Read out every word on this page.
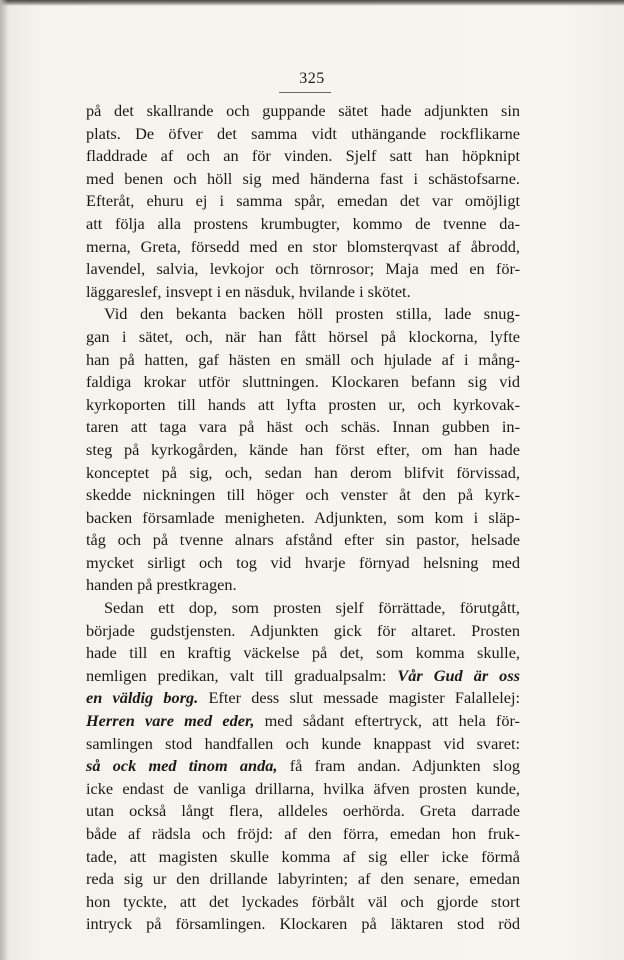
325
på det skallrande och guppande sätet hade adjunkten sin
plats. De öfver det samma vidt uthängande rockflikarne
fladdrade af och an för vinden. Sjelf satt han höpknipt
med benen och höll sig med händerna fast i schästofsarne.
Efteråt, ehuru ej i samma spår, emedan det var omöjligt
att följa alla prostens krumbugter, kommo de tvenne da-
merna, Greta, försedd med en stor blomsterqvast af åbrodd,
lavendel, salvia, levkojor och törnrosor; Maja med en för-
läggareslef, insvept i en näsduk, hvilande i skötet.
Vid den bekanta backen höll prosten stilla, lade snug-
gan i sätet, och, när han fått hörsel på klockorna, lyfte
han på hatten, gaf hästen en smäll och hjulade af i mång-
faldiga krokar utför sluttningen. Klockaren befann sig vid
kyrkoporten till hands att lyfta prosten ur, och kyrkovak-
taren att taga vara på häst och schäs. Innan gubben in-
steg på kyrkogården, kände han först efter, om han hade
konceptet på sig, och, sedan han derom blifvit förvissad,
skedde nickningen till höger och venster åt den på kyrk-
backen församlade menigheten. Adjunkten, som kom i släp-
tåg och på tvenne alnars afstånd efter sin pastor, helsade
mycket sirligt och tog vid hvarje förnyad helsning med
handen på prestkragen.
Sedan ett dop, som prosten sjelf förrättade, förutgått,
började gudstjensten. Adjunkten gick för altaret. Prosten
hade till en kraftig väckelse på det, som komma skulle,
nemligen predikan, valt till gradualpsalm: Vår Gud är oss
en väldig borg. Efter dess slut messade magister Falallelej:
Herren vare med eder, med sådant eftertryck, att hela för-
samlingen stod handfallen och kunde knappast vid svaret:
så ock med tinom anda, få fram andan. Adjunkten slog
icke endast de vanliga drillarna, hvilka äfven prosten kunde,
utan också långt flera, alldeles oerhörda. Greta darrade
både af rädsla och fröjd: af den förra, emedan hon fruk-
tade, att magisten skulle komma af sig eller icke förmå
reda sig ur den drillande labyrinten; af den senare, emedan
hon tyckte, att det lyckades förbålt väl och gjorde stort
intryck på församlingen. Klockaren på läktaren stod röd
